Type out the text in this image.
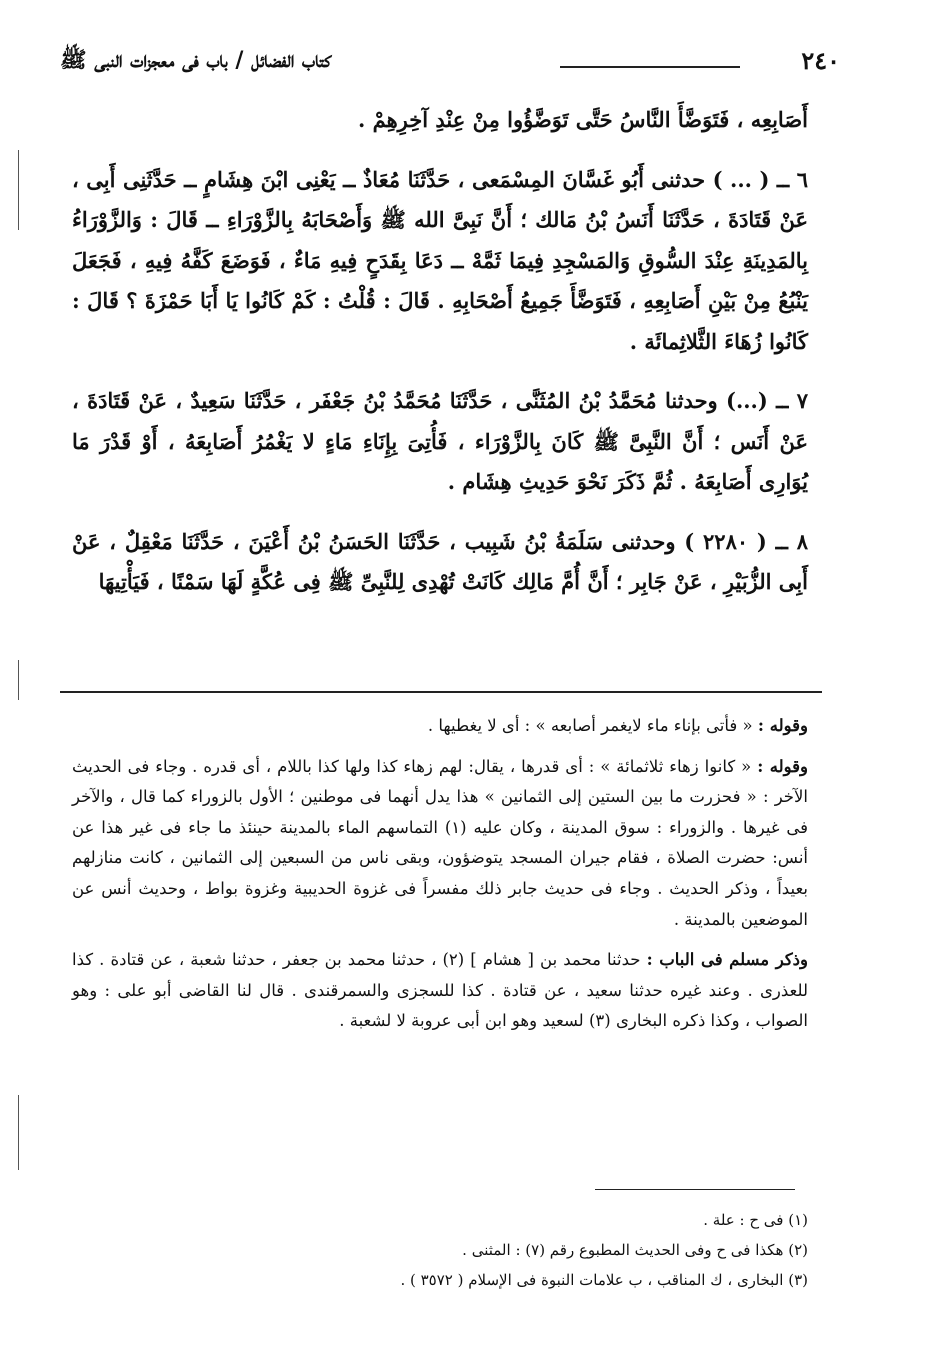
٢٤٠
كتاب الفضائل / باب فى معجزات النبى ﷺ

أَصَابِعِه ، فَتَوَضَّأَ النَّاسُ حَتَّى تَوَضَّؤُوا مِنْ عِنْدِ آخِرِهِمْ .

٦ ــ ( ... ) حدثنى أَبُو غَسَّانَ المِسْمَعى ، حَدَّثَنَا مُعَاذٌ ــ يَعْنِى ابْنَ هِشَامٍ ــ حَدَّثَنِى أَبِى ، عَنْ قَتَادَةَ ، حَدَّثَنَا أَنَسُ بْنُ مَالك ؛ أَنَّ نَبِىَّ الله ﷺ وَأَصْحَابَهُ بِالزَّوْرَاءِ ــ قَالَ : وَالزَّوْرَاءُ بِالمَدِينَةِ عِنْدَ السُّوقِ وَالمَسْجِدِ فِيمَا ثَمَّهْ ــ دَعَا بِقَدَحٍ فِيهِ مَاءٌ ، فَوَضَعَ كَفَّهُ فِيهِ ، فَجَعَلَ يَنْبُعُ مِنْ بَيْنِ أَصَابِعِهِ ، فَتَوَضَّأَ جَمِيعُ أَصْحَابِهِ . قَالَ : قُلْتُ : كَمْ كَانُوا يَا أَبَا حَمْزَةَ ؟ قَالَ : كَانُوا زُهَاءَ الثَّلاثِمائَة .

٧ ــ (...) وحدثنا مُحَمَّدُ بْنُ المُثَنَّى ، حَدَّثَنَا مُحَمَّدُ بْنُ جَعْفَر ، حَدَّثَنَا سَعِيدٌ ، عَنْ قَتَادَةَ ، عَنْ أَنَس ؛ أَنَّ النَّبِىَّ ﷺ كَانَ بِالزَّوْرَاء ، فَأُتِىَ بِإِنَاءِ مَاءٍ لا يَغْمُرُ أَصَابِعَهُ ، أَوْ قَدْرَ مَا يُوَارِى أَصَابِعَهُ . ثُمَّ ذَكَرَ نَحْوَ حَدِيثِ هِشَام .

٨ ــ ( ٢٢٨٠ ) وحدثنى سَلَمَةُ بْنُ شَبِيب ، حَدَّثَنَا الحَسَنُ بْنُ أَعْيَنَ ، حَدَّثَنَا مَعْقِلٌ ، عَنْ أَبِى الزُّبَيْرِ ، عَنْ جَابِر ؛ أَنَّ أُمَّ مَالِك كَانَتْ تُهْدِى لِلنَّبِىِّ ﷺ فِى عُكَّةٍ لَهَا سَمْنًا ، فَيَأْتِيهَا

وقوله : « فأتى بإناء ماء لايغمر أصابعه » : أى لا يغطيها .

وقوله : « كانوا زهاء ثلاثمائة » : أى قدرها ، يقال: لهم زهاء كذا ولها كذا باللام ، أى قدره . وجاء فى الحديث الآخر : « فحزرت ما بين الستين إلى الثمانين » هذا يدل أنهما فى موطنين ؛ الأول بالزوراء كما قال ، والآخر فى غيرها . والزوراء : سوق المدينة ، وكان عليه (١) التماسهم الماء بالمدينة حينئذ ما جاء فى غير هذا عن أنس: حضرت الصلاة ، فقام جيران المسجد يتوضؤون، وبقى ناس من السبعين إلى الثمانين ، كانت منازلهم بعيداً ، وذكر الحديث . وجاء فى حديث جابر ذلك مفسراً فى غزوة الحديبية وغزوة بواط ، وحديث أنس عن الموضعين بالمدينة .

وذكر مسلم فى الباب : حدثنا محمد بن [ هشام ] (٢) ، حدثنا محمد بن جعفر ، حدثنا شعبة ، عن قتادة . كذا للعذرى . وعند غيره حدثنا سعيد ، عن قتادة . كذا للسجزى والسمرقندى . قال لنا القاضى أبو على : وهو الصواب ، وكذا ذكره البخارى (٣) لسعيد وهو ابن أبى عروبة لا لشعبة .

(١) فى ح : علة .

(٢) هكذا فى ح وفى الحديث المطبوع رقم (٧) : المثنى .

(٣) البخارى ، ك المناقب ، ب علامات النبوة فى الإسلام ( ٣٥٧٢ ) .
